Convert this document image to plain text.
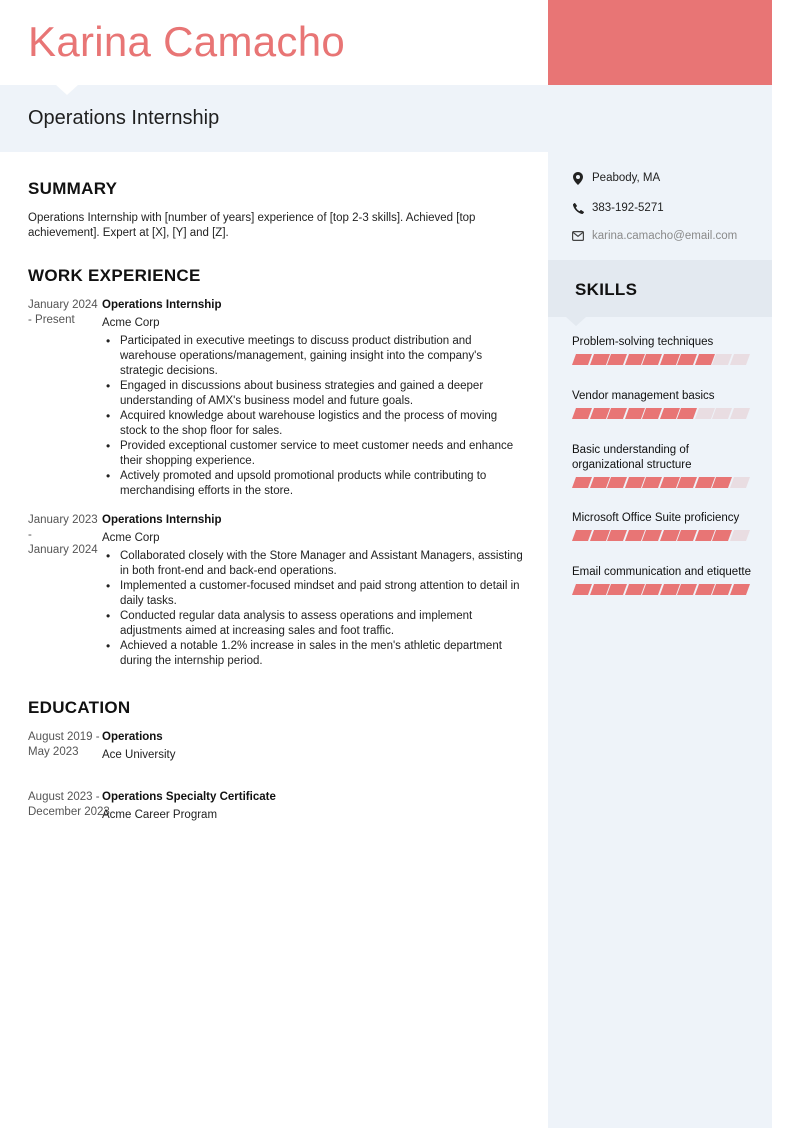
Karina Camacho
Operations Internship
SUMMARY
Operations Internship with [number of years] experience of [top 2-3 skills]. Achieved [top achievement]. Expert at [X], [Y] and [Z].
WORK EXPERIENCE
January 2024
- Present
Operations Internship
Acme Corp
• Participated in executive meetings to discuss product distribution and warehouse operations/management, gaining insight into the company's strategic decisions.
• Engaged in discussions about business strategies and gained a deeper understanding of AMX's business model and future goals.
• Acquired knowledge about warehouse logistics and the process of moving stock to the shop floor for sales.
• Provided exceptional customer service to meet customer needs and enhance their shopping experience.
• Actively promoted and upsold promotional products while contributing to merchandising efforts in the store.
January 2023
-
January 2024
Operations Internship
Acme Corp
• Collaborated closely with the Store Manager and Assistant Managers, assisting in both front-end and back-end operations.
• Implemented a customer-focused mindset and paid strong attention to detail in daily tasks.
• Conducted regular data analysis to assess operations and implement adjustments aimed at increasing sales and foot traffic.
• Achieved a notable 1.2% increase in sales in the men's athletic department during the internship period.
EDUCATION
August 2019 -
May 2023
Operations
Ace University
August 2023 -
December 2023
Operations Specialty Certificate
Acme Career Program
Peabody, MA
383-192-5271
karina.camacho@email.com
SKILLS
Problem-solving techniques
Vendor management basics
Basic understanding of organizational structure
Microsoft Office Suite proficiency
Email communication and etiquette
